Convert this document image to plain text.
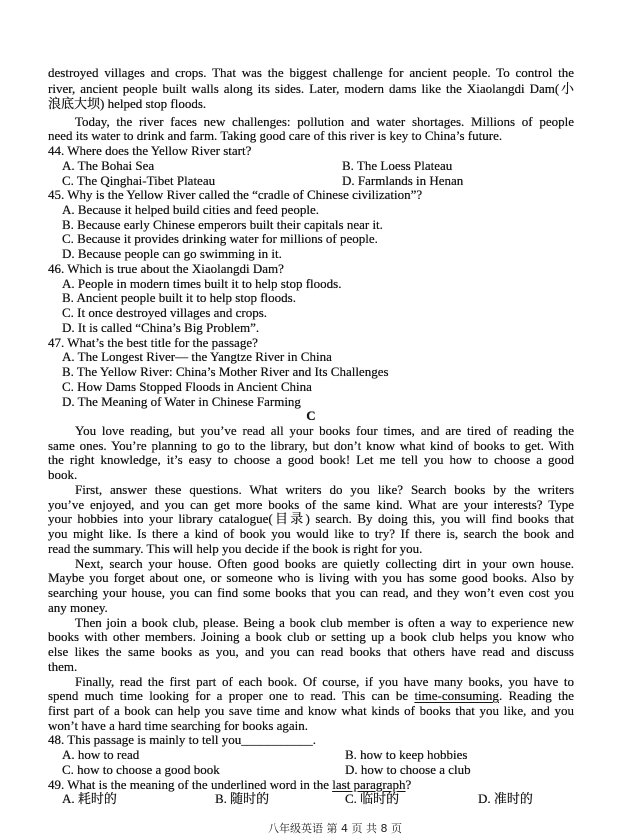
destroyed villages and crops. That was the biggest challenge for ancient people. To control the
river, ancient people built walls along its sides. Later, modern dams like the Xiaolangdi Dam(小
浪底大坝) helped stop floods.
Today, the river faces new challenges: pollution and water shortages. Millions of people
need its water to drink and farm. Taking good care of this river is key to China’s future.
44. Where does the Yellow River start?
A. The Bohai Sea	B. The Loess Plateau
C. The Qinghai-Tibet Plateau	D. Farmlands in Henan
45. Why is the Yellow River called the “cradle of Chinese civilization”?
A. Because it helped build cities and feed people.
B. Because early Chinese emperors built their capitals near it.
C. Because it provides drinking water for millions of people.
D. Because people can go swimming in it.
46. Which is true about the Xiaolangdi Dam?
A. People in modern times built it to help stop floods.
B. Ancient people built it to help stop floods.
C. It once destroyed villages and crops.
D. It is called “China’s Big Problem”.
47. What’s the best title for the passage?
A. The Longest River— the Yangtze River in China
B. The Yellow River: China’s Mother River and Its Challenges
C. How Dams Stopped Floods in Ancient China
D. The Meaning of Water in Chinese Farming
C
You love reading, but you’ve read all your books four times, and are tired of reading the
same ones. You’re planning to go to the library, but don’t know what kind of books to get. With
the right knowledge, it’s easy to choose a good book! Let me tell you how to choose a good
book.
First, answer these questions. What writers do you like? Search books by the writers
you’ve enjoyed, and you can get more books of the same kind. What are your interests? Type
your hobbies into your library catalogue(目录) search. By doing this, you will find books that
you might like. Is there a kind of book you would like to try? If there is, search the book and
read the summary. This will help you decide if the book is right for you.
Next, search your house. Often good books are quietly collecting dirt in your own house.
Maybe you forget about one, or someone who is living with you has some good books. Also by
searching your house, you can find some books that you can read, and they won’t even cost you
any money.
Then join a book club, please. Being a book club member is often a way to experience new
books with other members. Joining a book club or setting up a book club helps you know who
else likes the same books as you, and you can read books that others have read and discuss
them.
Finally, read the first part of each book. Of course, if you have many books, you have to
spend much time looking for a proper one to read. This can be time-consuming. Reading the
first part of a book can help you save time and know what kinds of books that you like, and you
won’t have a hard time searching for books again.
48. This passage is mainly to tell you___________.
A. how to read	B. how to keep hobbies
C. how to choose a good book	D. how to choose a club
49. What is the meaning of the underlined word in the last paragraph?
A. 耗时的	B. 随时的	C. 临时的	D. 准时的
八年级英语 第 4 页 共 8 页
